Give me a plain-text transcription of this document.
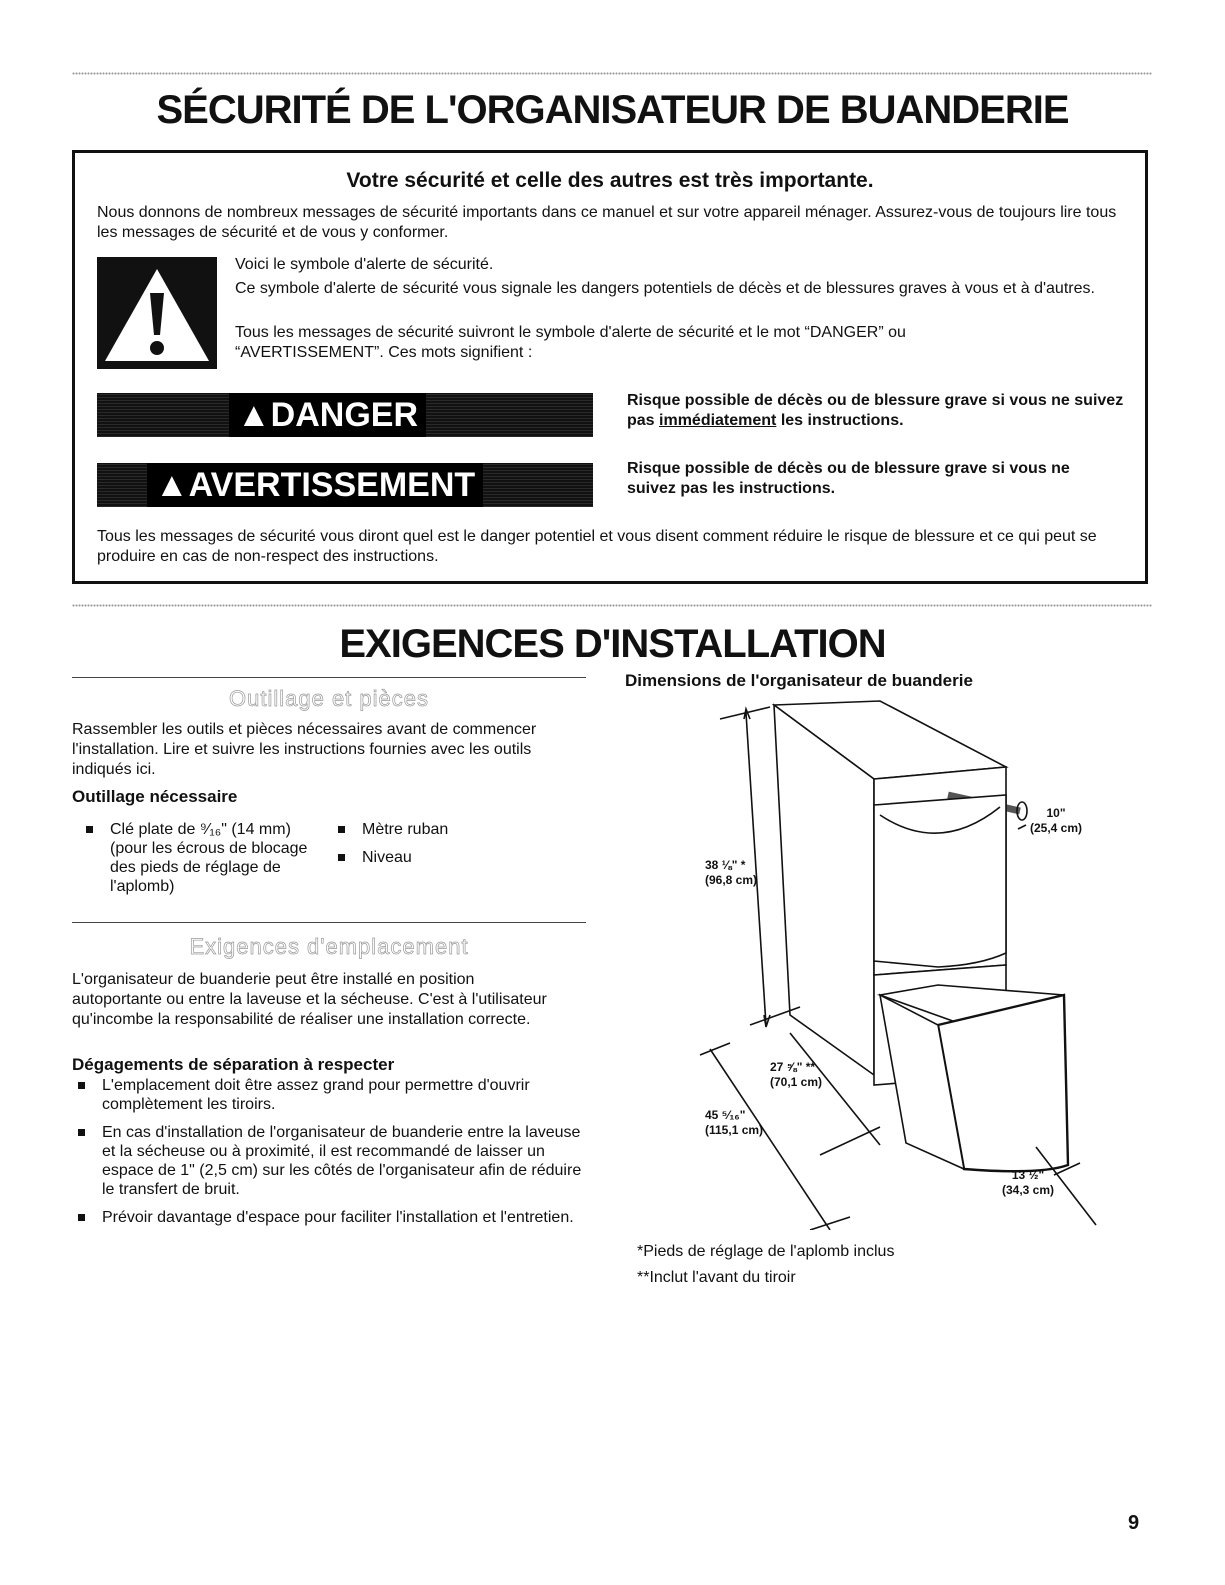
SÉCURITÉ DE L'ORGANISATEUR DE BUANDERIE
Votre sécurité et celle des autres est très importante.
Nous donnons de nombreux messages de sécurité importants dans ce manuel et sur votre appareil ménager. Assurez-vous de toujours lire tous les messages de sécurité et de vous y conformer.
Voici le symbole d'alerte de sécurité.
Ce symbole d'alerte de sécurité vous signale les dangers potentiels de décès et de blessures graves à vous et à d'autres.
Tous les messages de sécurité suivront le symbole d'alerte de sécurité et le mot “DANGER” ou “AVERTISSEMENT”. Ces mots signifient :
▲DANGER	Risque possible de décès ou de blessure grave si vous ne suivez pas immédiatement les instructions.
▲AVERTISSEMENT	Risque possible de décès ou de blessure grave si vous ne suivez pas les instructions.
Tous les messages de sécurité vous diront quel est le danger potentiel et vous disent comment réduire le risque de blessure et ce qui peut se produire en cas de non-respect des instructions.
EXIGENCES D'INSTALLATION
Outillage et pièces
Rassembler les outils et pièces nécessaires avant de commencer l'installation. Lire et suivre les instructions fournies avec les outils indiqués ici.
Outillage nécessaire
Clé plate de ⁹⁄₁₆" (14 mm) (pour les écrous de blocage des pieds de réglage de l'aplomb)
Mètre ruban
Niveau
Exigences d'emplacement
L'organisateur de buanderie peut être installé en position autoportante ou entre la laveuse et la sécheuse. C'est à l'utilisateur qu'incombe la responsabilité de réaliser une installation correcte.
Dégagements de séparation à respecter
L'emplacement doit être assez grand pour permettre d'ouvrir complètement les tiroirs.
En cas d'installation de l'organisateur de buanderie entre la laveuse et la sécheuse ou à proximité, il est recommandé de laisser un espace de 1" (2,5 cm) sur les côtés de l'organisateur afin de réduire le transfert de bruit.
Prévoir davantage d'espace pour faciliter l'installation et l'entretien.
Dimensions de l'organisateur de buanderie
38 ⅛" *
(96,8 cm)
10"
(25,4 cm)
27 ⅝" **
(70,1 cm)
45 ⁵⁄₁₆"
(115,1 cm)
13 ½"
(34,3 cm)
*Pieds de réglage de l'aplomb inclus
**Inclut l'avant du tiroir
9
